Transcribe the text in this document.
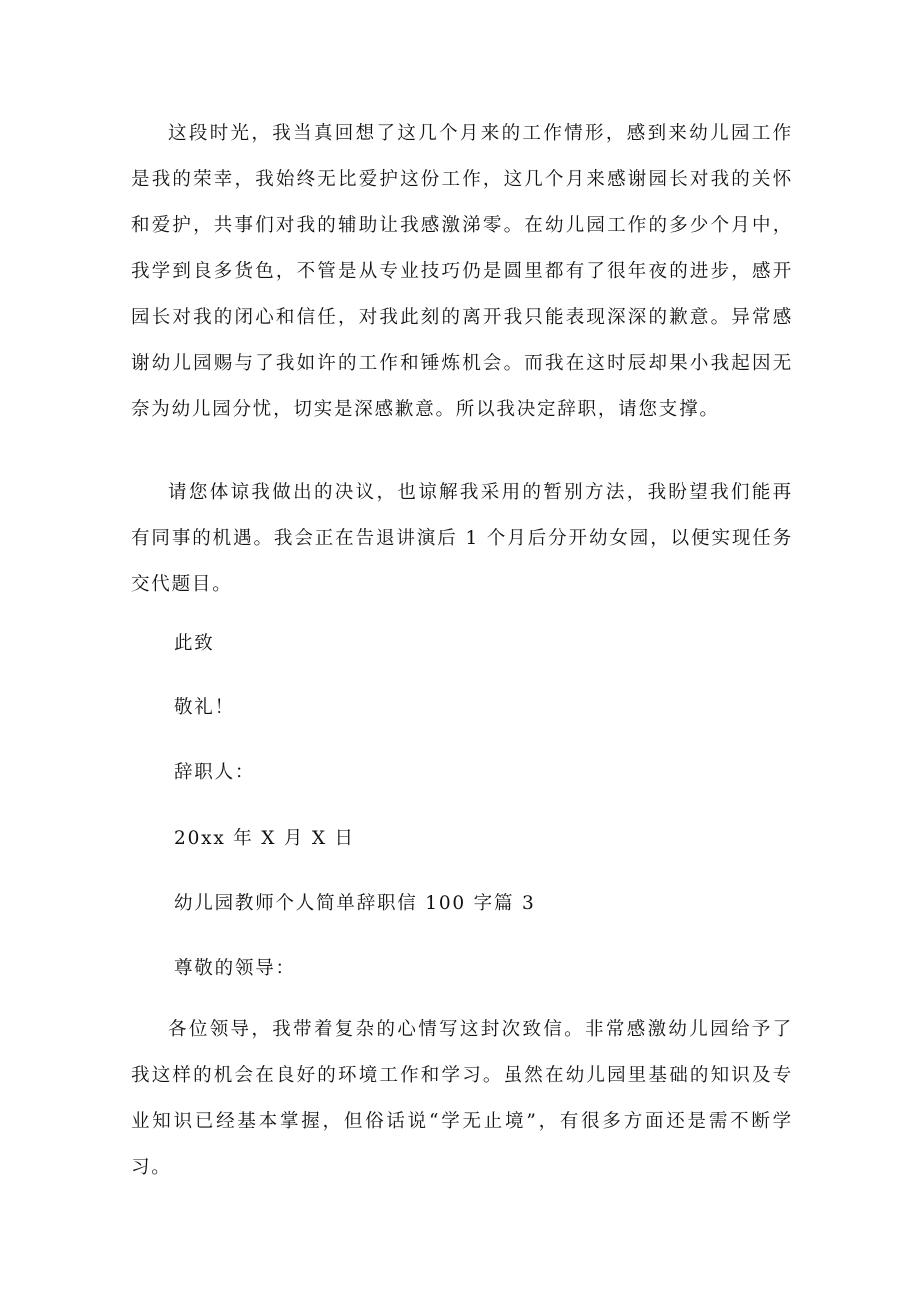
这段时光，我当真回想了这几个月来的工作情形，感到来幼儿园工作是我的荣幸，我始终无比爱护这份工作，这几个月来感谢园长对我的关怀和爱护，共事们对我的辅助让我感激涕零。在幼儿园工作的多少个月中，我学到良多货色，不管是从专业技巧仍是圆里都有了很年夜的进步，感开园长对我的闭心和信任，对我此刻的离开我只能表现深深的歉意。异常感谢幼儿园赐与了我如许的工作和锤炼机会。而我在这时辰却果小我起因无奈为幼儿园分忧，切实是深感歉意。所以我决定辞职，请您支撑。

请您体谅我做出的决议，也谅解我采用的暂别方法，我盼望我们能再有同事的机遇。我会正在告退讲演后 1 个月后分开幼女园，以便实现任务交代题目。

此致

敬礼！

辞职人：

20xx 年 X 月 X 日

幼儿园教师个人简单辞职信 100 字篇 3

尊敬的领导：

各位领导，我带着复杂的心情写这封次致信。非常感激幼儿园给予了我这样的机会在良好的环境工作和学习。虽然在幼儿园里基础的知识及专业知识已经基本掌握，但俗话说“学无止境”，有很多方面还是需不断学习。
